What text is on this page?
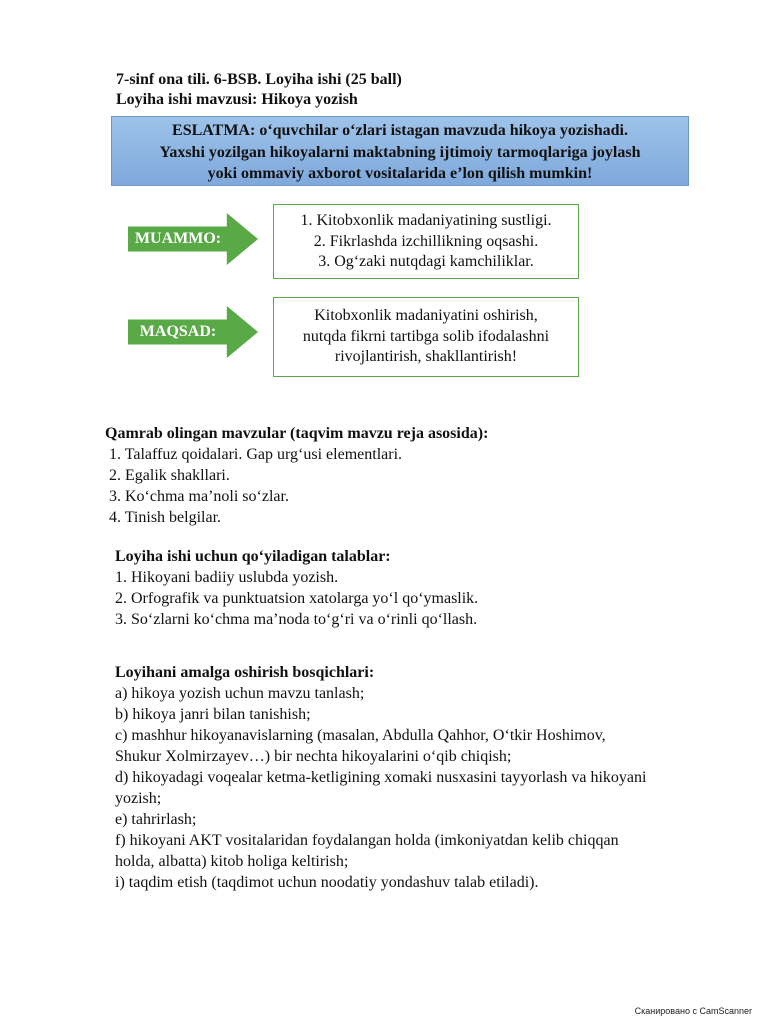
7-sinf ona tili. 6-BSB. Loyiha ishi (25 ball)
Loyiha ishi mavzusi: Hikoya yozish
ESLATMA: o‘quvchilar o‘zlari istagan mavzuda hikoya yozishadi.
Yaxshi yozilgan hikoyalarni maktabning ijtimoiy tarmoqlariga joylash
yoki ommaviy axborot vositalarida e’lon qilish mumkin!
MUAMMO:
1. Kitobxonlik madaniyatining sustligi.
2. Fikrlashda izchillikning oqsashi.
3. Og‘zaki nutqdagi kamchiliklar.
MAQSAD:
Kitobxonlik madaniyatini oshirish,
nutqda fikrni tartibga solib ifodalashni
rivojlantirish, shakllantirish!
Qamrab olingan mavzular (taqvim mavzu reja asosida):
1. Talaffuz qoidalari. Gap urg‘usi elementlari.
2. Egalik shakllari.
3. Ko‘chma ma’noli so‘zlar.
4. Tinish belgilar.
Loyiha ishi uchun qo‘yiladigan talablar:
1. Hikoyani badiiy uslubda yozish.
2. Orfografik va punktuatsion xatolarga yo‘l qo‘ymaslik.
3. So‘zlarni ko‘chma ma’noda to‘g‘ri va o‘rinli qo‘llash.
Loyihani amalga oshirish bosqichlari:
a) hikoya yozish uchun mavzu tanlash;
b) hikoya janri bilan tanishish;
c) mashhur hikoyanavislarning (masalan, Abdulla Qahhor, O‘tkir Hoshimov,
Shukur Xolmirzayev…) bir nechta hikoyalarini o‘qib chiqish;
d) hikoyadagi voqealar ketma-ketligining xomaki nusxasini tayyorlash va hikoyani
yozish;
e) tahrirlash;
f) hikoyani AKT vositalaridan foydalangan holda (imkoniyatdan kelib chiqqan
holda, albatta) kitob holiga keltirish;
i) taqdim etish (taqdimot uchun noodatiy yondashuv talab etiladi).
Сканировано с CamScanner
